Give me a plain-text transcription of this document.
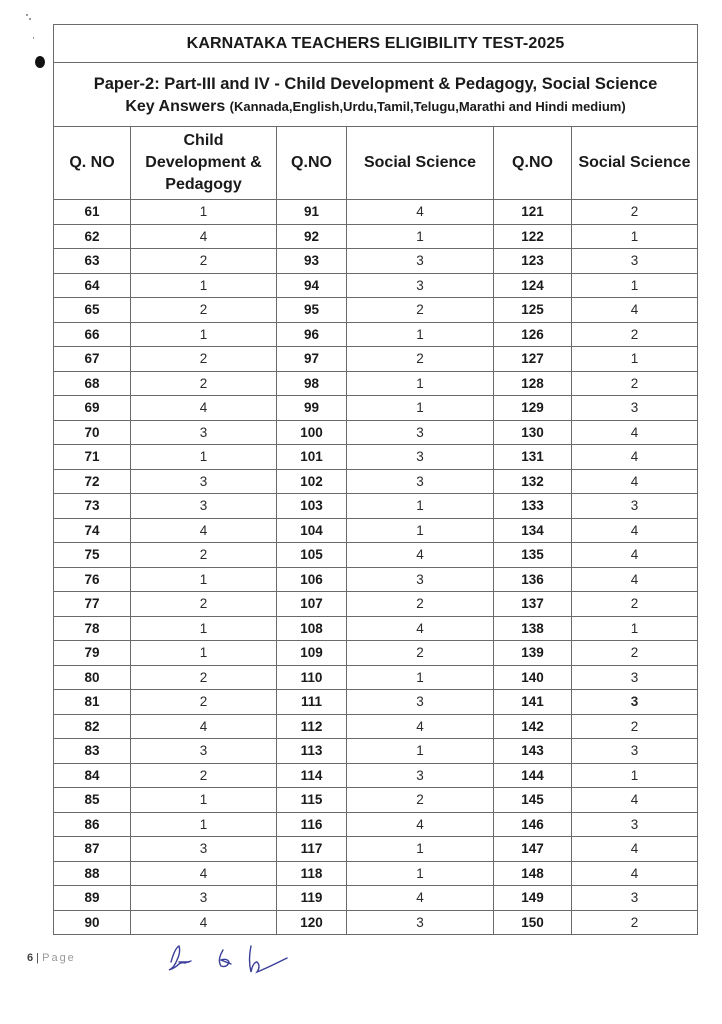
KARNATAKA TEACHERS ELIGIBILITY TEST-2025					

Paper-2: Part-III and IV - Child Development & Pedagogy, Social Science
Key Answers (Kannada,English,Urdu,Tamil,Telugu,Marathi and Hindi medium)					

Q. NO	Child
Development &
Pedagogy	Q.NO	Social Science	Q.NO	Social Science
61	1	91	4	121	2
62	4	92	1	122	1
63	2	93	3	123	3
64	1	94	3	124	1
65	2	95	2	125	4
66	1	96	1	126	2
67	2	97	2	127	1
68	2	98	1	128	2
69	4	99	1	129	3
70	3	100	3	130	4
71	1	101	3	131	4
72	3	102	3	132	4
73	3	103	1	133	3
74	4	104	1	134	4
75	2	105	4	135	4
76	1	106	3	136	4
77	2	107	2	137	2
78	1	108	4	138	1
79	1	109	2	139	2
80	2	110	1	140	3
81	2	111	3	141	3
82	4	112	4	142	2
83	3	113	1	143	3
84	2	114	3	144	1
85	1	115	2	145	4
86	1	116	4	146	3
87	3	117	1	147	4
88	4	118	1	148	4
89	3	119	4	149	3
90	4	120	3	150	2
6 | Page
